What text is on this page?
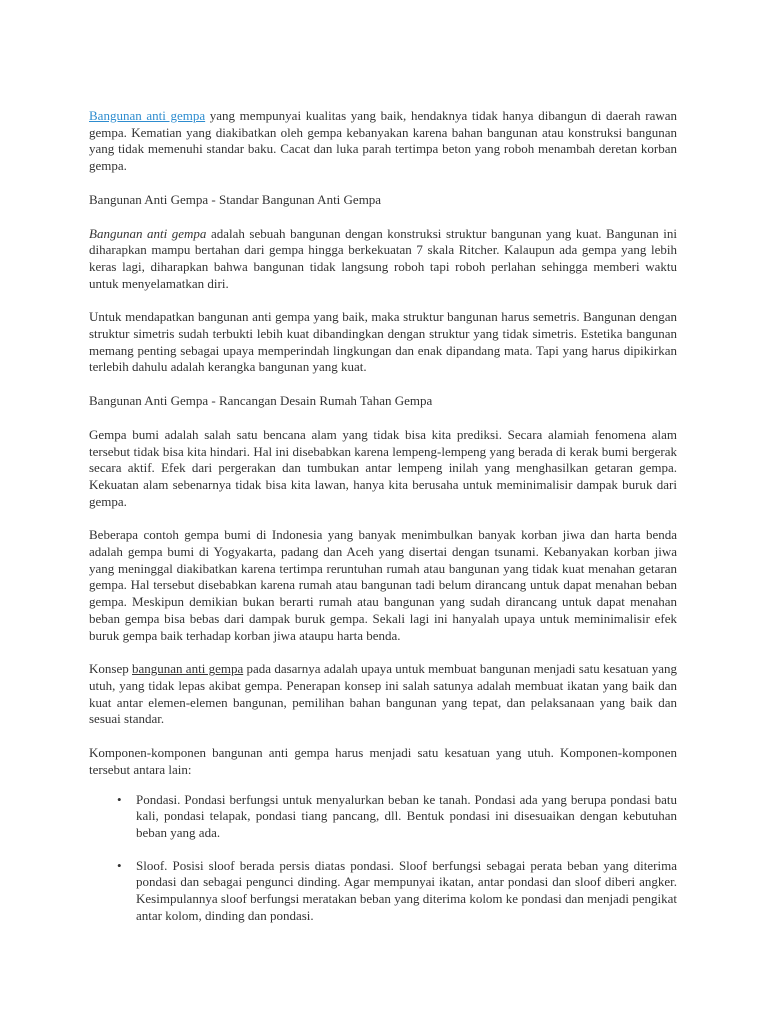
Bangunan anti gempa yang mempunyai kualitas yang baik, hendaknya tidak hanya dibangun di daerah rawan gempa. Kematian yang diakibatkan oleh gempa kebanyakan karena bahan bangunan atau konstruksi bangunan yang tidak memenuhi standar baku. Cacat dan luka parah tertimpa beton yang roboh menambah deretan korban gempa.

Bangunan Anti Gempa - Standar Bangunan Anti Gempa

Bangunan anti gempa adalah sebuah bangunan dengan konstruksi struktur bangunan yang kuat. Bangunan ini diharapkan mampu bertahan dari gempa hingga berkekuatan 7 skala Ritcher. Kalaupun ada gempa yang lebih keras lagi, diharapkan bahwa bangunan tidak langsung roboh tapi roboh perlahan sehingga memberi waktu untuk menyelamatkan diri.

Untuk mendapatkan bangunan anti gempa yang baik, maka struktur bangunan harus semetris. Bangunan dengan struktur simetris sudah terbukti lebih kuat dibandingkan dengan struktur yang tidak simetris. Estetika bangunan memang penting sebagai upaya memperindah lingkungan dan enak dipandang mata. Tapi yang harus dipikirkan terlebih dahulu adalah kerangka bangunan yang kuat.

Bangunan Anti Gempa - Rancangan Desain Rumah Tahan Gempa

Gempa bumi adalah salah satu bencana alam yang tidak bisa kita prediksi. Secara alamiah fenomena alam tersebut tidak bisa kita hindari. Hal ini disebabkan karena lempeng-lempeng yang berada di kerak bumi bergerak secara aktif. Efek dari pergerakan dan tumbukan antar lempeng inilah yang menghasilkan getaran gempa. Kekuatan alam sebenarnya tidak bisa kita lawan, hanya kita berusaha untuk meminimalisir dampak buruk dari gempa.

Beberapa contoh gempa bumi di Indonesia yang banyak menimbulkan banyak korban jiwa dan harta benda adalah gempa bumi di Yogyakarta, padang dan Aceh yang disertai dengan tsunami. Kebanyakan korban jiwa yang meninggal diakibatkan karena tertimpa reruntuhan rumah atau bangunan yang tidak kuat menahan getaran gempa. Hal tersebut disebabkan karena rumah atau bangunan tadi belum dirancang untuk dapat menahan beban gempa. Meskipun demikian bukan berarti rumah atau bangunan yang sudah dirancang untuk dapat menahan beban gempa bisa bebas dari dampak buruk gempa. Sekali lagi ini hanyalah upaya untuk meminimalisir efek buruk gempa baik terhadap korban jiwa ataupu harta benda.

Konsep bangunan anti gempa pada dasarnya adalah upaya untuk membuat bangunan menjadi satu kesatuan yang utuh, yang tidak lepas akibat gempa. Penerapan konsep ini salah satunya adalah membuat ikatan yang baik dan kuat antar elemen-elemen bangunan, pemilihan bahan bangunan yang tepat, dan pelaksanaan yang baik dan sesuai standar.

Komponen-komponen bangunan anti gempa harus menjadi satu kesatuan yang utuh. Komponen-komponen tersebut antara lain:

• Pondasi. Pondasi berfungsi untuk menyalurkan beban ke tanah. Pondasi ada yang berupa pondasi batu kali, pondasi telapak, pondasi tiang pancang, dll. Bentuk pondasi ini disesuaikan dengan kebutuhan beban yang ada.
• Sloof. Posisi sloof berada persis diatas pondasi. Sloof berfungsi sebagai perata beban yang diterima pondasi dan sebagai pengunci dinding. Agar mempunyai ikatan, antar pondasi dan sloof diberi angker. Kesimpulannya sloof berfungsi meratakan beban yang diterima kolom ke pondasi dan menjadi pengikat antar kolom, dinding dan pondasi.
